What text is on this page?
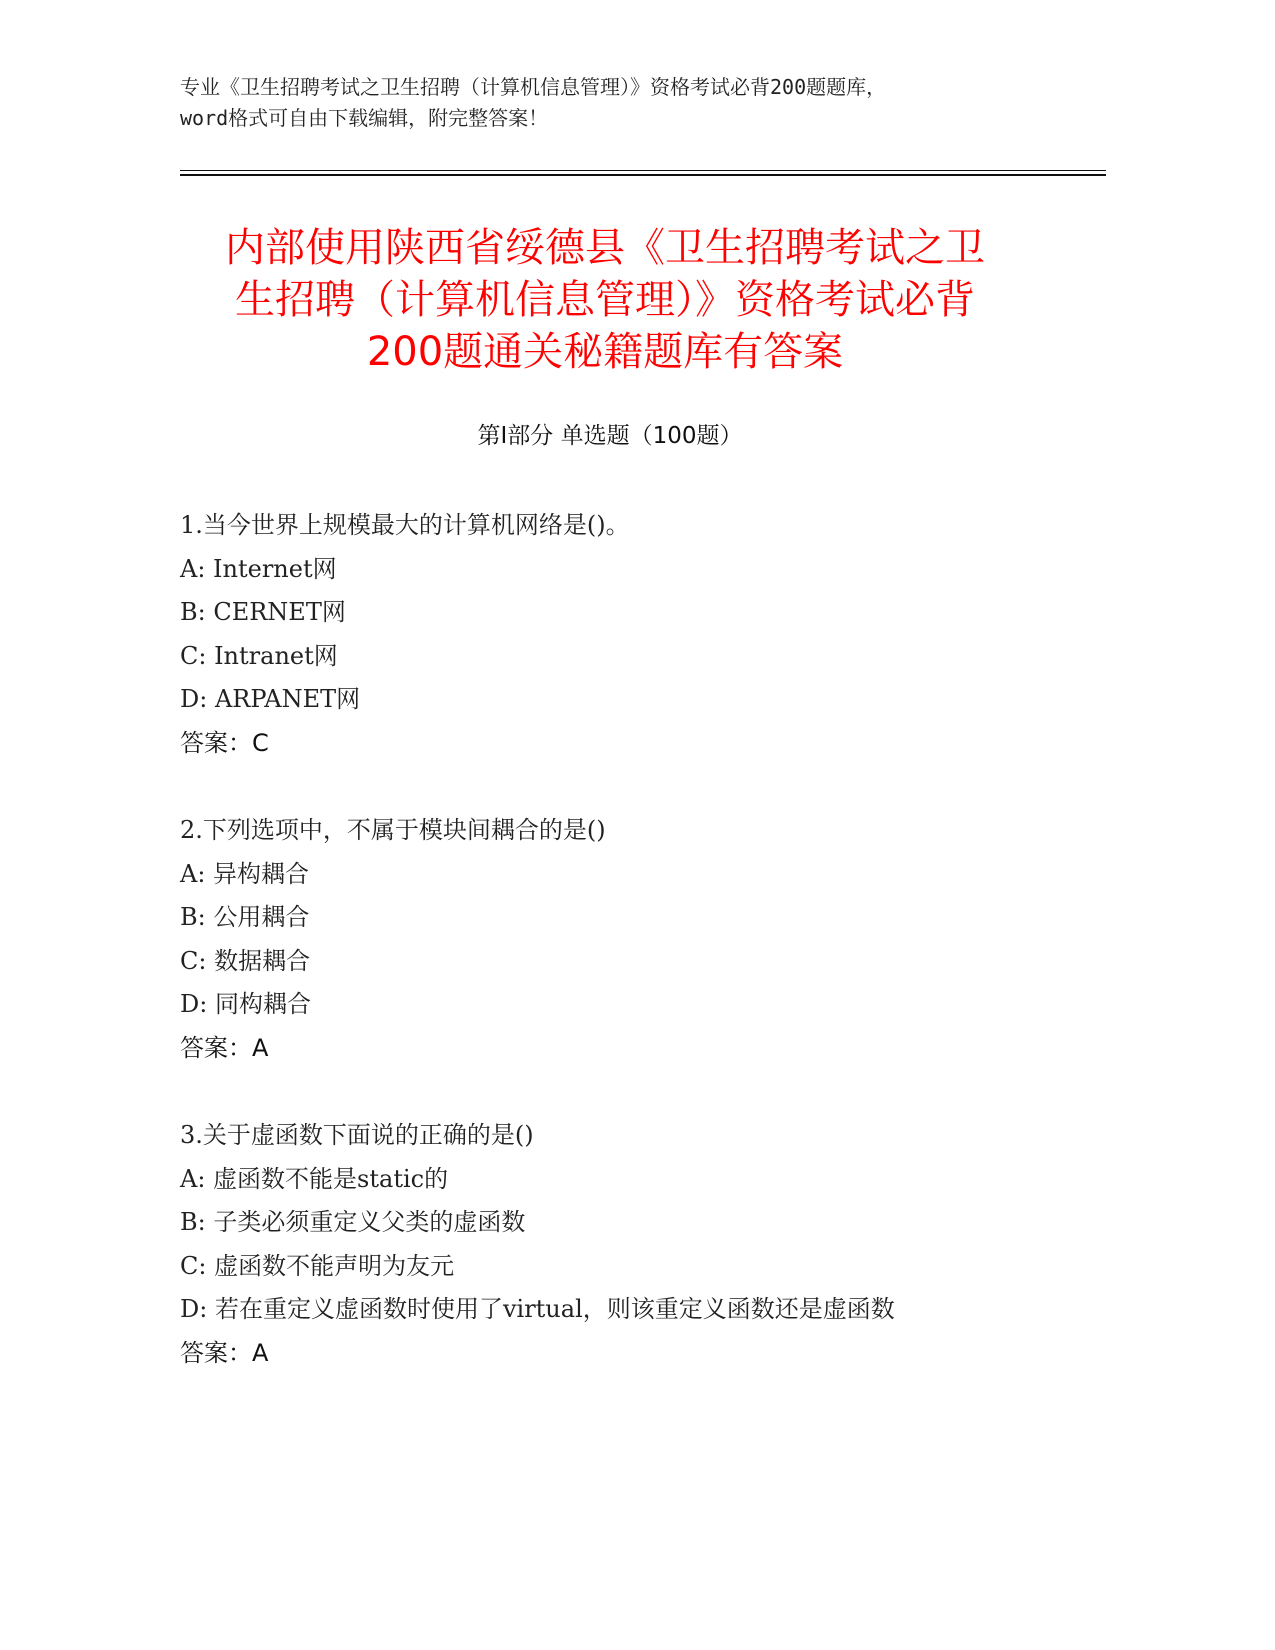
专业《卫生招聘考试之卫生招聘（计算机信息管理）》资格考试必背200题题库，
word格式可自由下载编辑，附完整答案！
内部使用陕西省绥德县《卫生招聘考试之卫
生招聘（计算机信息管理）》资格考试必背
200题通关秘籍题库有答案
第I部分 单选题（100题）
1.当今世界上规模最大的计算机网络是()。
A: Internet网
B: CERNET网
C: Intranet网
D: ARPANET网
答案：C
2.下列选项中，不属于模块间耦合的是()
A: 异构耦合
B: 公用耦合
C: 数据耦合
D: 同构耦合
答案：A
3.关于虚函数下面说的正确的是()
A: 虚函数不能是static的
B: 子类必须重定义父类的虚函数
C: 虚函数不能声明为友元
D: 若在重定义虚函数时使用了virtual，则该重定义函数还是虚函数
答案：A
